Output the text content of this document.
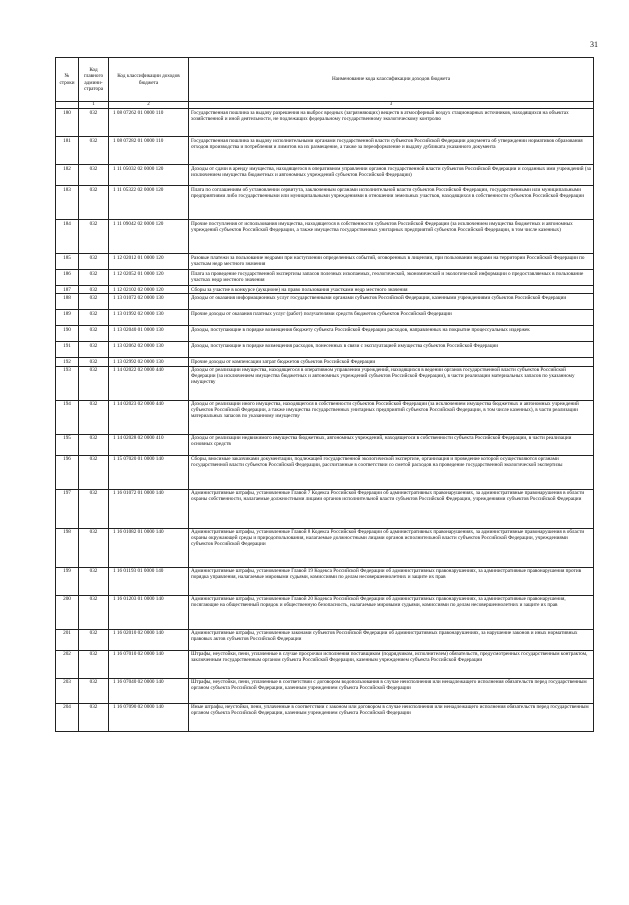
31
№ строки	Код главного админи-стратора	Код классификации доходов бюджета	Наименование кода классификации доходов бюджета
	1	2	3
180	032	1 08 07262 01 0000 110	Государственная пошлина за выдачу разрешения на выброс вредных (загрязняющих) веществ в атмосферный воздух стационарных источников, находящихся на объектах хозяйственной и иной деятельности, не подлежащих федеральному государственному экологическому контролю
181	032	1 08 07282 01 0000 110	Государственная пошлина за выдачу исполнительными органами государственной власти субъектов Российской Федерации документа об утверждении нормативов образования отходов производства и потребления и лимитов на их размещение, а также за переоформление и выдачу дубликата указанного документа
182	032	1 11 05032 02 0000 120	Доходы от сдачи в аренду имущества, находящегося в оперативном управлении органов государственной власти субъектов Российской Федерации и созданных ими учреждений (за исключением имущества бюджетных и автономных учреждений субъектов Российской Федерации)
183	032	1 11 05322 02 0000 120	Плата по соглашениям об установлении сервитута, заключенным органами исполнительной власти субъектов Российской Федерации, государственными или муниципальными предприятиями либо государственными или муниципальными учреждениями в отношении земельных участков, находящихся в собственности субъектов Российской Федерации
184	032	1 11 09042 02 0000 120	Прочие поступления от использования имущества, находящегося в собственности субъектов Российской Федерации (за исключением имущества бюджетных и автономных учреждений субъектов Российской Федерации, а также имущества государственных унитарных предприятий субъектов Российской Федерации, в том числе казенных)
185	032	1 12 02012 01 0000 120	Разовые платежи за пользование недрами при наступлении определенных событий, оговоренных в лицензии, при пользовании недрами на территории Российской Федерации по участкам недр местного значения
186	032	1 12 02052 01 0000 120	Плата за проведение государственной экспертизы запасов полезных ископаемых, геологической, экономической и экологической информации о предоставляемых в пользование участках недр местного значения
187	032	1 12 02102 02 0000 120	Сборы за участие в конкурсе (аукционе) на право пользования участками недр местного значения
188	032	1 13 01072 02 0000 130	Доходы от оказания информационных услуг государственными органами субъектов Российской Федерации, казенными учреждениями субъектов Российской Федерации
189	032	1 13 01992 02 0000 130	Прочие доходы от оказания платных услуг (работ) получателями средств бюджетов субъектов Российской Федерации
190	032	1 13 02040 01 0000 130	Доходы, поступающие в порядке возмещения бюджету субъекта Российской Федерации расходов, направленных на покрытие процессуальных издержек
191	032	1 13 02062 02 0000 130	Доходы, поступающие в порядке возмещения расходов, понесенных в связи с эксплуатацией имущества субъектов Российской Федерации
192	032	1 13 02992 02 0000 130	Прочие доходы от компенсации затрат бюджетов субъектов Российской Федерации
193	032	1 14 02022 02 0000 440	Доходы от реализации имущества, находящегося в оперативном управлении учреждений, находящихся в ведении органов государственной власти субъектов Российской Федерации (за исключением имущества бюджетных и автономных учреждений субъектов Российской Федерации), в части реализации материальных запасов по указанному имуществу
194	032	1 14 02023 02 0000 440	Доходы от реализации иного имущества, находящегося в собственности субъектов Российской Федерации (за исключением имущества бюджетных и автономных учреждений субъектов Российской Федерации, а также имущества государственных унитарных предприятий субъектов Российской Федерации, в том числе казенных), в части реализации материальных запасов по указанному имуществу
195	032	1 14 02028 02 0000 410	Доходы от реализации недвижимого имущества бюджетных, автономных учреждений, находящегося в собственности субъекта Российской Федерации, в части реализации основных средств
196	032	1 15 07020 01 0000 140	Сборы, вносимые заказчиками документации, подлежащей государственной экологической экспертизе, организация и проведение которой осуществляются органами государственной власти субъектов Российской Федерации, рассчитанные в соответствии со сметой расходов на проведение государственной экологической экспертизы
197	032	1 16 01072 01 0000 140	Административные штрафы, установленные Главой 7 Кодекса Российской Федерации об административных правонарушениях, за административные правонарушения в области охраны собственности, налагаемые должностными лицами органов исполнительной власти субъектов Российской Федерации, учреждениями субъектов Российской Федерации
198	032	1 16 01082 01 0000 140	Административные штрафы, установленные Главой 8 Кодекса Российской Федерации об административных правонарушениях, за административные правонарушения в области охраны окружающей среды и природопользования, налагаемые должностными лицами органов исполнительной власти субъектов Российской Федерации, учреждениями субъектов Российской Федерации
199	032	1 16 01193 01 0000 140	Административные штрафы, установленные Главой 19 Кодекса Российской Федерации об административных правонарушениях, за административные правонарушения против порядка управления, налагаемые мировыми судьями, комиссиями по делам несовершеннолетних и защите их прав
200	032	1 16 01203 01 0000 140	Административные штрафы, установленные Главой 20 Кодекса Российской Федерации об административных правонарушениях, за административные правонарушения, посягающие на общественный порядок и общественную безопасность, налагаемые мировыми судьями, комиссиями по делам несовершеннолетних и защите их прав
201	032	1 16 02010 02 0000 140	Административные штрафы, установленные законами субъектов Российской Федерации об административных правонарушениях, за нарушение законов и иных нормативных правовых актов субъектов Российской Федерации
202	032	1 16 07010 02 0000 140	Штрафы, неустойки, пени, уплаченные в случае просрочки исполнения поставщиком (подрядчиком, исполнителем) обязательств, предусмотренных государственным контрактом, заключенным государственным органом субъекта Российской Федерации, казенным учреждением субъекта Российской Федерации
203	032	1 16 07040 02 0000 140	Штрафы, неустойки, пени, уплаченные в соответствии с договором водопользования в случае неисполнения или ненадлежащего исполнения обязательств перед государственным органом субъекта Российской Федерации, казенным учреждением субъекта Российской Федерации
204	032	1 16 07090 02 0000 140	Иные штрафы, неустойки, пени, уплаченные в соответствии с законом или договором в случае неисполнения или ненадлежащего исполнения обязательств перед государственным органом субъекта Российской Федерации, казенным учреждением субъекта Российской Федерации
